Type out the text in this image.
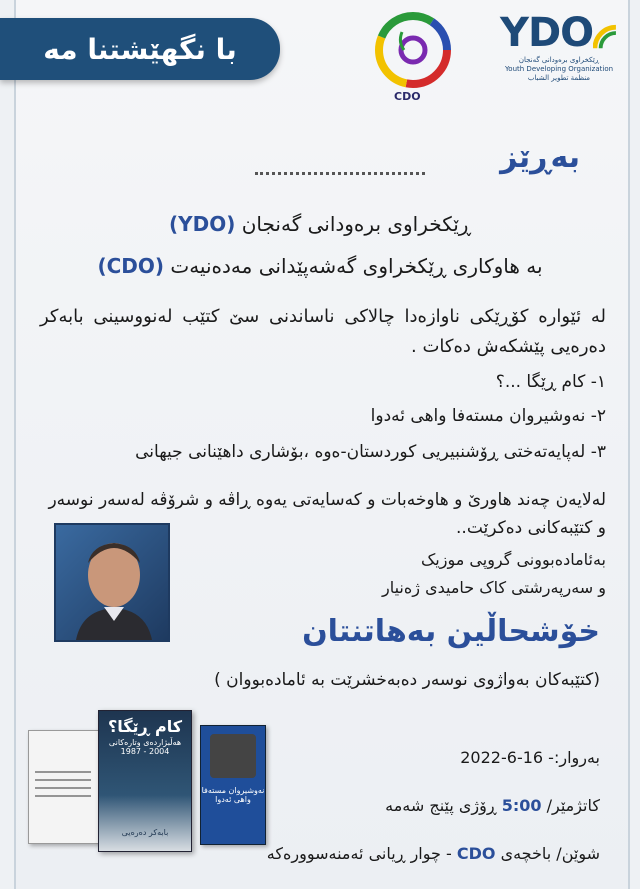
با نگهێشتنا مه
CDO
YDO
ڕێکخراوی برەودانی گەنجان
Youth Developing Organization
منظمة تطوير الشباب
بەڕێز
ڕێکخراوی برەودانی گەنجان (YDO)
بە هاوکاری ڕێکخراوی گەشەپێدانی مەدەنیەت (CDO)
لە ئێوارە کۆڕێکی ناوازەدا چالاکی ناساندنی سێ کتێب لەنووسینی بابەکر دەرەیی پێشکەش دەکات .
١- کام ڕێگا ...؟
٢- نەوشیروان مستەفا واهی ئەدوا
٣- لەپایەتەختی ڕۆشنبیریی کوردستان-ەوە ،بۆشاری داهێنانی جیهانی
لەلایەن چەند هاورێ و هاوخەبات و کەسایەتی یەوە ڕاڤە و شرۆڤە لەسەر نوسەر و کتێبەکانی دەکرێت..
بەئامادەبوونی گروپی موزیک
و سەرپەرشتی کاک حامیدی ژەنیار
خۆشحاڵین بەهاتنتان
(کتێبەکان بەواژوی نوسەر دەبەخشرێت بە ئامادەبووان )
بەروار:- 16-6-2022
کاتژمێر/ 5:00 ڕۆژی پێنج شەمە
شوێن/ باخچەی CDO - چوار ڕیانی ئەمنەسوورەکە
کام ڕێگا؟
هەڵبژاردەی وتارەکانی
2004 - 1987
بابەکر دەرەیی
نەوشیروان مستەفا واهی ئەدوا
